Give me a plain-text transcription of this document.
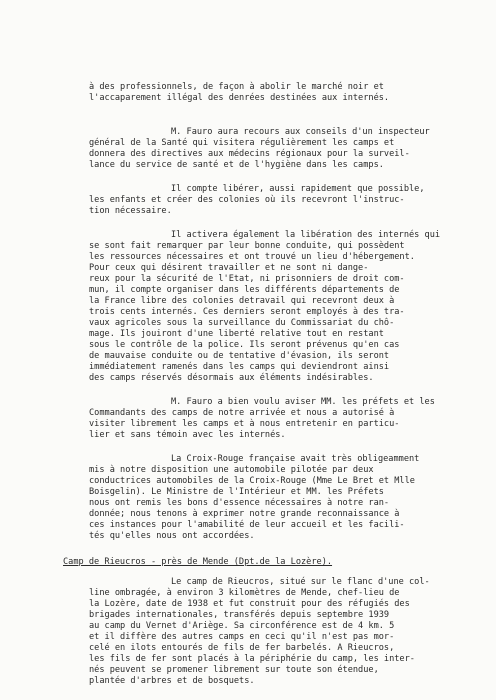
à des professionnels, de façon à abolir le marché noir et
l'accaparement illégal des denrées destinées aux internés.
M. Fauro aura recours aux conseils d'un inspecteur
général de la Santé qui visitera régulièrement les camps et
donnera des directives aux médecins régionaux pour la surveil-
lance du service de santé et de l'hygiène dans les camps.
Il compte libérer, aussi rapidement que possible,
les enfants et créer des colonies où ils recevront l'instruc-
tion nécessaire.
Il activera également la libération des internés qui
se sont fait remarquer par leur bonne conduite, qui possèdent
les ressources nécessaires et ont trouvé un lieu d'hébergement.
Pour ceux qui désirent travailler et ne sont ni dange-
reux pour la sécurité de l'Etat, ni prisonniers de droit com-
mun, il compte organiser dans les différents départements de
la France libre des colonies detravail qui recevront deux à
trois cents internés. Ces derniers seront employés à des tra-
vaux agricoles sous la surveillance du Commissariat du chô-
mage. Ils jouiront d'une liberté relative tout en restant
sous le contrôle de la police. Ils seront prévenus qu'en cas
de mauvaise conduite ou de tentative d'évasion, ils seront
immédiatement ramenés dans les camps qui deviendront ainsi
des camps réservés désormais aux éléments indésirables.
M. Fauro a bien voulu aviser MM. les préfets et les
Commandants des camps de notre arrivée et nous a autorisé à
visiter librement les camps et à nous entretenir en particu-
lier et sans témoin avec les internés.
La Croix-Rouge française avait très obligeamment
mis à notre disposition une automobile pilotée par deux
conductrices automobiles de la Croix-Rouge (Mme Le Bret et Mlle
Boisgelin). Le Ministre de l'Intérieur et MM. les Préfets
nous ont remis les bons d'essence nécessaires à notre ran-
donnée; nous tenons à exprimer notre grande reconnaissance à
ces instances pour l'amabilité de leur accueil et les facili-
tés qu'elles nous ont accordées.
Camp de Rieucros - près de Mende (Dpt.de la Lozère).
Le camp de Rieucros, situé sur le flanc d'une col-
line ombragée, à environ 3 kilomètres de Mende, chef-lieu de
la Lozère, date de 1938 et fut construit pour des réfugiés des
brigades internationales, transférés depuis septembre 1939
au camp du Vernet d'Ariège. Sa circonférence est de 4 km. 5
et il diffère des autres camps en ceci qu'il n'est pas mor-
celé en ilots entourés de fils de fer barbelés. A Rieucros,
les fils de fer sont placés à la périphérie du camp, les inter-
nés peuvent se promener librement sur toute son étendue,
plantée d'arbres et de bosquets.
